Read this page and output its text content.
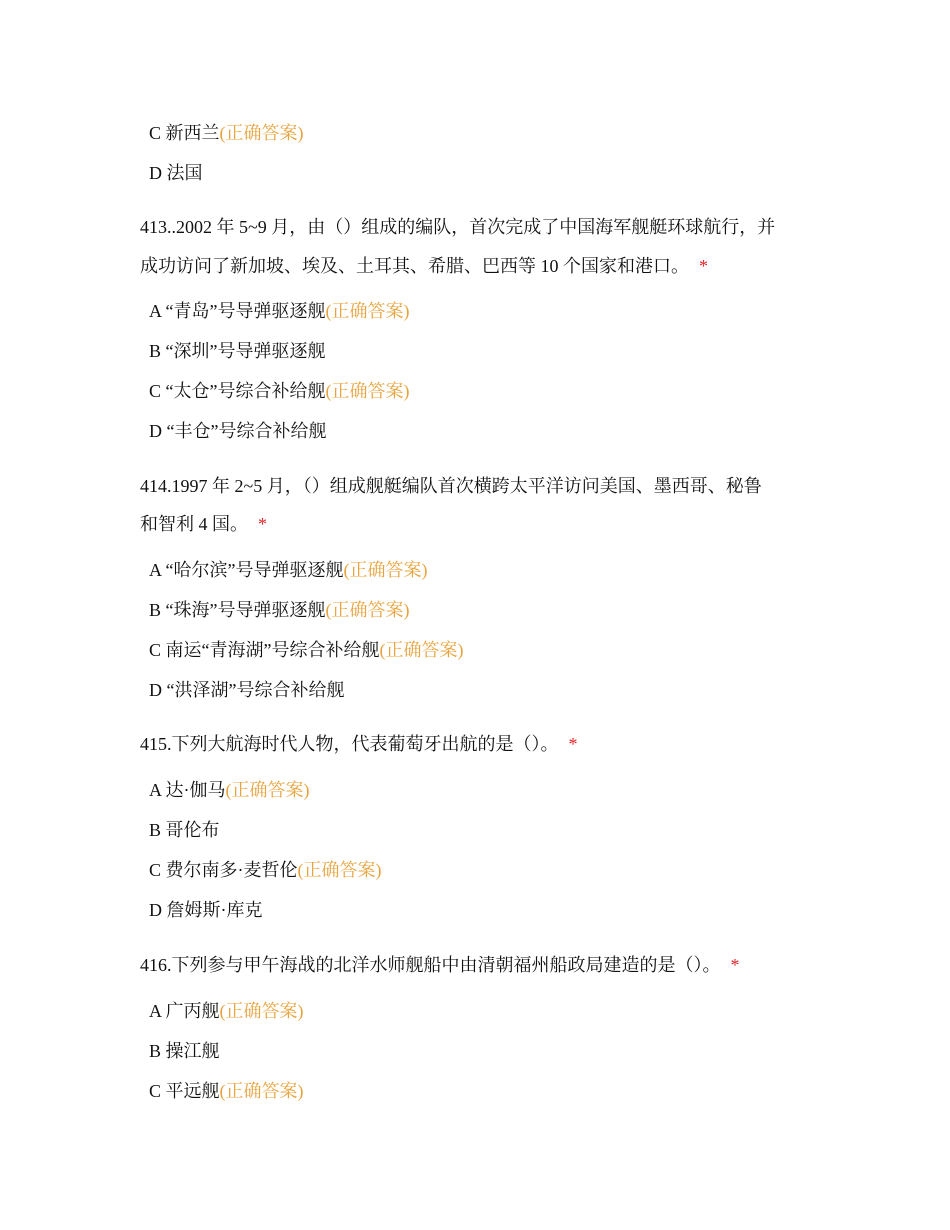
C 新西兰(正确答案)
D 法国
413..2002 年 5~9 月，由（）组成的编队，首次完成了中国海军舰艇环球航行，并
成功访问了新加坡、埃及、土耳其、希腊、巴西等 10 个国家和港口。 *
A “青岛”号导弹驱逐舰(正确答案)
B “深圳”号导弹驱逐舰
C “太仓”号综合补给舰(正确答案)
D “丰仓”号综合补给舰
414.1997 年 2~5 月，（）组成舰艇编队首次横跨太平洋访问美国、墨西哥、秘鲁
和智利 4 国。 *
A “哈尔滨”号导弹驱逐舰(正确答案)
B “珠海”号导弹驱逐舰(正确答案)
C 南运“青海湖”号综合补给舰(正确答案)
D “洪泽湖”号综合补给舰
415.下列大航海时代人物，代表葡萄牙出航的是（）。 *
A 达·伽马(正确答案)
B 哥伦布
C 费尔南多·麦哲伦(正确答案)
D 詹姆斯·库克
416.下列参与甲午海战的北洋水师舰船中由清朝福州船政局建造的是（）。 *
A 广丙舰(正确答案)
B 操江舰
C 平远舰(正确答案)
